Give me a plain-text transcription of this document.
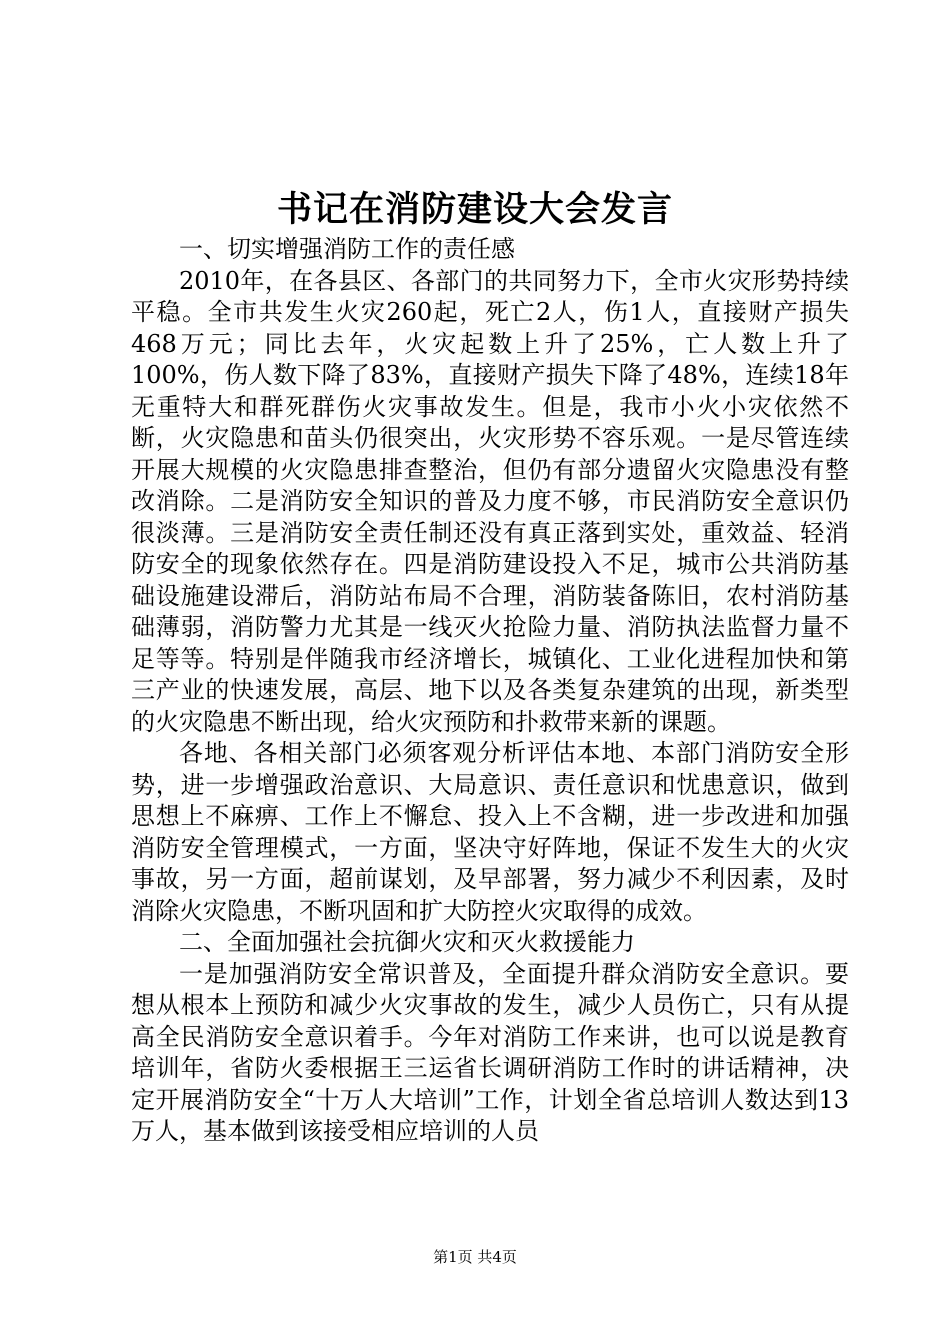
书记在消防建设大会发言

一、切实增强消防工作的责任感

2010年，在各县区、各部门的共同努力下，全市火灾形势持续平稳。全市共发生火灾260起，死亡2人，伤1人，直接财产损失468万元；同比去年，火灾起数上升了25%，亡人数上升了100%，伤人数下降了83%，直接财产损失下降了48%，连续18年无重特大和群死群伤火灾事故发生。但是，我市小火小灾依然不断，火灾隐患和苗头仍很突出，火灾形势不容乐观。一是尽管连续开展大规模的火灾隐患排查整治，但仍有部分遗留火灾隐患没有整改消除。二是消防安全知识的普及力度不够，市民消防安全意识仍很淡薄。三是消防安全责任制还没有真正落到实处，重效益、轻消防安全的现象依然存在。四是消防建设投入不足，城市公共消防基础设施建设滞后，消防站布局不合理，消防装备陈旧，农村消防基础薄弱，消防警力尤其是一线灭火抢险力量、消防执法监督力量不足等等。特别是伴随我市经济增长，城镇化、工业化进程加快和第三产业的快速发展，高层、地下以及各类复杂建筑的出现，新类型的火灾隐患不断出现，给火灾预防和扑救带来新的课题。

各地、各相关部门必须客观分析评估本地、本部门消防安全形势，进一步增强政治意识、大局意识、责任意识和忧患意识，做到思想上不麻痹、工作上不懈怠、投入上不含糊，进一步改进和加强消防安全管理模式，一方面，坚决守好阵地，保证不发生大的火灾事故，另一方面，超前谋划，及早部署，努力减少不利因素，及时消除火灾隐患，不断巩固和扩大防控火灾取得的成效。

二、全面加强社会抗御火灾和灭火救援能力

一是加强消防安全常识普及，全面提升群众消防安全意识。要想从根本上预防和减少火灾事故的发生，减少人员伤亡，只有从提高全民消防安全意识着手。今年对消防工作来讲，也可以说是教育培训年，省防火委根据王三运省长调研消防工作时的讲话精神，决定开展消防安全“十万人大培训”工作，计划全省总培训人数达到13万人，基本做到该接受相应培训的人员

第1页 共4页
